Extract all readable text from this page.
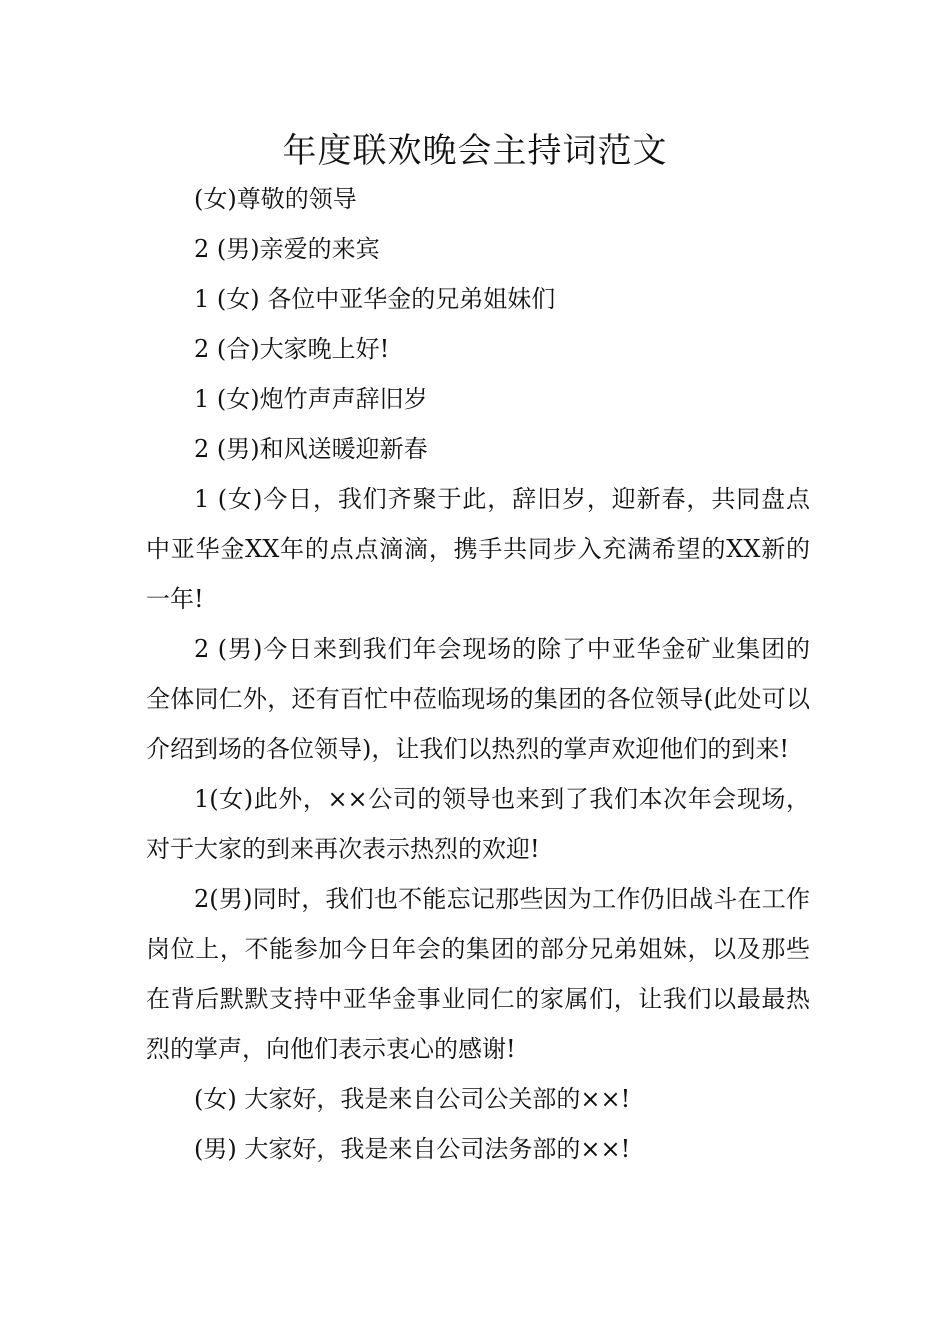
年度联欢晚会主持词范文

(女)尊敬的领导

2 (男)亲爱的来宾

1 (女) 各位中亚华金的兄弟姐妹们

2 (合)大家晚上好!

1 (女)炮竹声声辞旧岁

2 (男)和风送暖迎新春

1 (女)今日，我们齐聚于此，辞旧岁，迎新春，共同盘点中亚华金XX年的点点滴滴，携手共同步入充满希望的XX新的一年!

2 (男)今日来到我们年会现场的除了中亚华金矿业集团的全体同仁外，还有百忙中莅临现场的集团的各位领导(此处可以介绍到场的各位领导)，让我们以热烈的掌声欢迎他们的到来!

1(女)此外，××公司的领导也来到了我们本次年会现场，对于大家的到来再次表示热烈的欢迎!

2(男)同时，我们也不能忘记那些因为工作仍旧战斗在工作岗位上，不能参加今日年会的集团的部分兄弟姐妹，以及那些在背后默默支持中亚华金事业同仁的家属们，让我们以最最热烈的掌声，向他们表示衷心的感谢!

(女) 大家好，我是来自公司公关部的××!

(男) 大家好，我是来自公司法务部的××!
